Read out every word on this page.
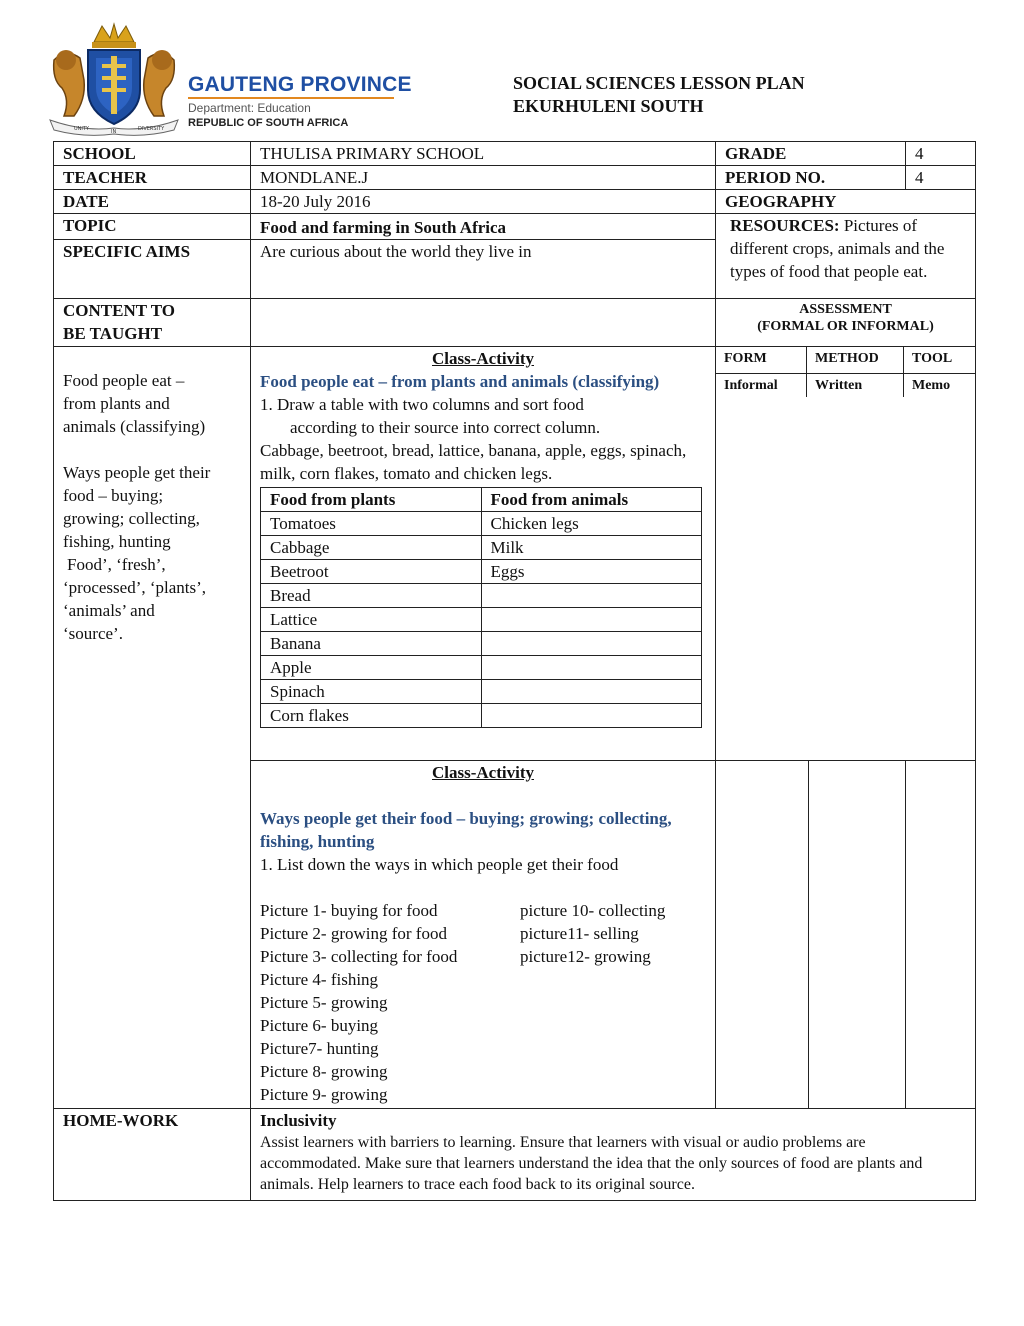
UNITY	IN	DIVERSITY
GAUTENG PROVINCE
Department: Education
REPUBLIC OF SOUTH AFRICA
SOCIAL SCIENCES LESSON PLAN
EKURHULENI SOUTH
SCHOOL	THULISA PRIMARY SCHOOL	GRADE	4
TEACHER	MONDLANE.J	PERIOD NO.	4
DATE	18-20 July 2016	GEOGRAPHY
TOPIC	Food and farming in South Africa	RESOURCES: Pictures of different crops, animals and the types of food that people eat.
SPECIFIC AIMS	Are curious about the world they live in

CONTENT TO
BE TAUGHT

ASSESSMENT
(FORMAL OR INFORMAL)

Food people eat –
from plants and
animals (classifying)
Ways people get their
food – buying;
growing; collecting,
fishing, hunting
Food’, ‘fresh’,
‘processed’, ‘plants’,
‘animals’ and
‘source’.

Class-Activity
Food people eat – from plants and animals (classifying)
1. Draw a table with two columns and sort food
according to their source into correct column.
Cabbage, beetroot, bread, lattice, banana, apple, eggs, spinach, milk, corn flakes, tomato and chicken legs.
Food from plants	Food from animals
Tomatoes	Chicken legs
Cabbage	Milk
Beetroot	Eggs
Bread	
Lattice	
Banana	
Apple	
Spinach	
Corn flakes	

FORM	METHOD	TOOL
Informal	Written	Memo

Class-Activity
Ways people get their food – buying; growing; collecting, fishing, hunting
1. List down the ways in which people get their food
Picture 1- buying for food
Picture 2- growing for food
Picture 3- collecting for food
Picture 4- fishing
Picture 5- growing
Picture 6- buying
Picture7- hunting
Picture 8- growing
Picture 9- growing
picture 10- collecting
picture11- selling
picture12- growing

HOME-WORK	Inclusivity
Assist learners with barriers to learning. Ensure that learners with visual or audio problems are accommodated. Make sure that learners understand the idea that the only sources of food are plants and animals. Help learners to trace each food back to its original source.
